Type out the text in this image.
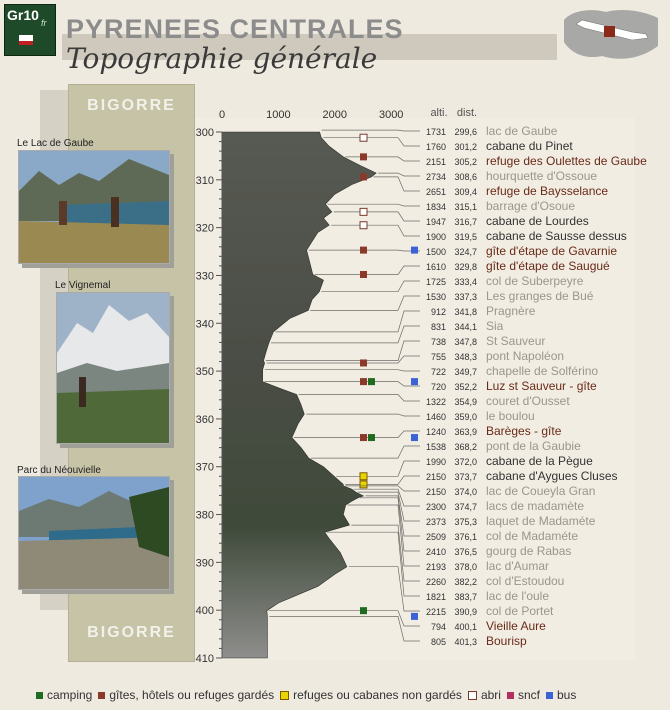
Gr10 fr PYRENEES CENTRALES
Topographie générale
BIGORRE
BIGORRE
Le Lac de Gaube
Le Vignemal
Parc du Néouvielle
0	1000	2000	3000
300
310
320
330
340
350
360
370
380
390
400
410
alti. dist.
1731 299,6 lac de Gaube
1760 301,2 cabane du Pinet
2151 305,2 refuge des Oulettes de Gaube
2734 308,6 hourquette d'Ossoue
2651 309,4 refuge de Baysselance
1834 315,1 barrage d'Osoue
1947 316,7 cabane de Lourdes
1900 319,5 cabane de Sausse dessus
1500 324,7 gîte d'étape de Gavarnie
1610 329,8 gîte d'étape de Saugué
1725 333,4 col de Suberpeyre
1530 337,3 Les granges de Bué
912 341,8 Pragnère
831 344,1 Sia
738 347,8 St Sauveur
755 348,3 pont Napoléon
722 349,7 chapelle de Solférino
720 352,2 Luz st Sauveur - gîte
1322 354,9 couret d'Ousset
1460 359,0 le boulou
1240 363,9 Barèges - gîte
1538 368,2 pont de la Gaubie
1990 372,0 cabane de la Pègue
2150 373,7 cabane d'Aygues Cluses
2150 374,0 lac de Coueyla Gran
2300 374,7 lacs de madamète
2373 375,3 laquet de Madaméte
2509 376,1 col de Madaméte
2410 376,5 gourg de Rabas
2193 378,0 lac d'Aumar
2260 382,2 col d'Estoudou
1821 383,7 lac de l'oule
2215 390,9 col de Portet
794 400,1 Vieille Aure
805 401,3 Bourisp
camping gîtes, hôtels ou refuges gardés refuges ou cabanes non gardés abri sncf bus
